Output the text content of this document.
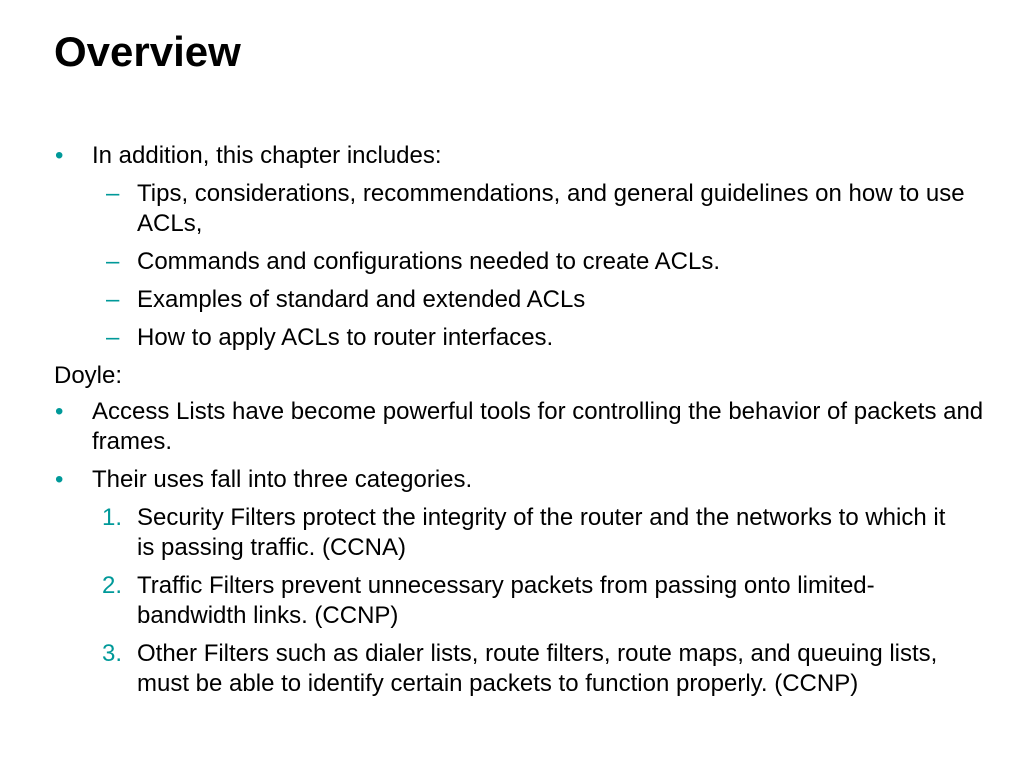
Overview
• In addition, this chapter includes:
– Tips, considerations, recommendations, and general guidelines on how to use ACLs,
– Commands and configurations needed to create ACLs.
– Examples of standard and extended ACLs
– How to apply ACLs to router interfaces.
Doyle:
• Access Lists have become powerful tools for controlling the behavior of packets and frames.
• Their uses fall into three categories.
1. Security Filters protect the integrity of the router and the networks to which it is passing traffic. (CCNA)
2. Traffic Filters prevent unnecessary packets from passing onto limited-bandwidth links. (CCNP)
3. Other Filters such as dialer lists, route filters, route maps, and queuing lists, must be able to identify certain packets to function properly. (CCNP)
